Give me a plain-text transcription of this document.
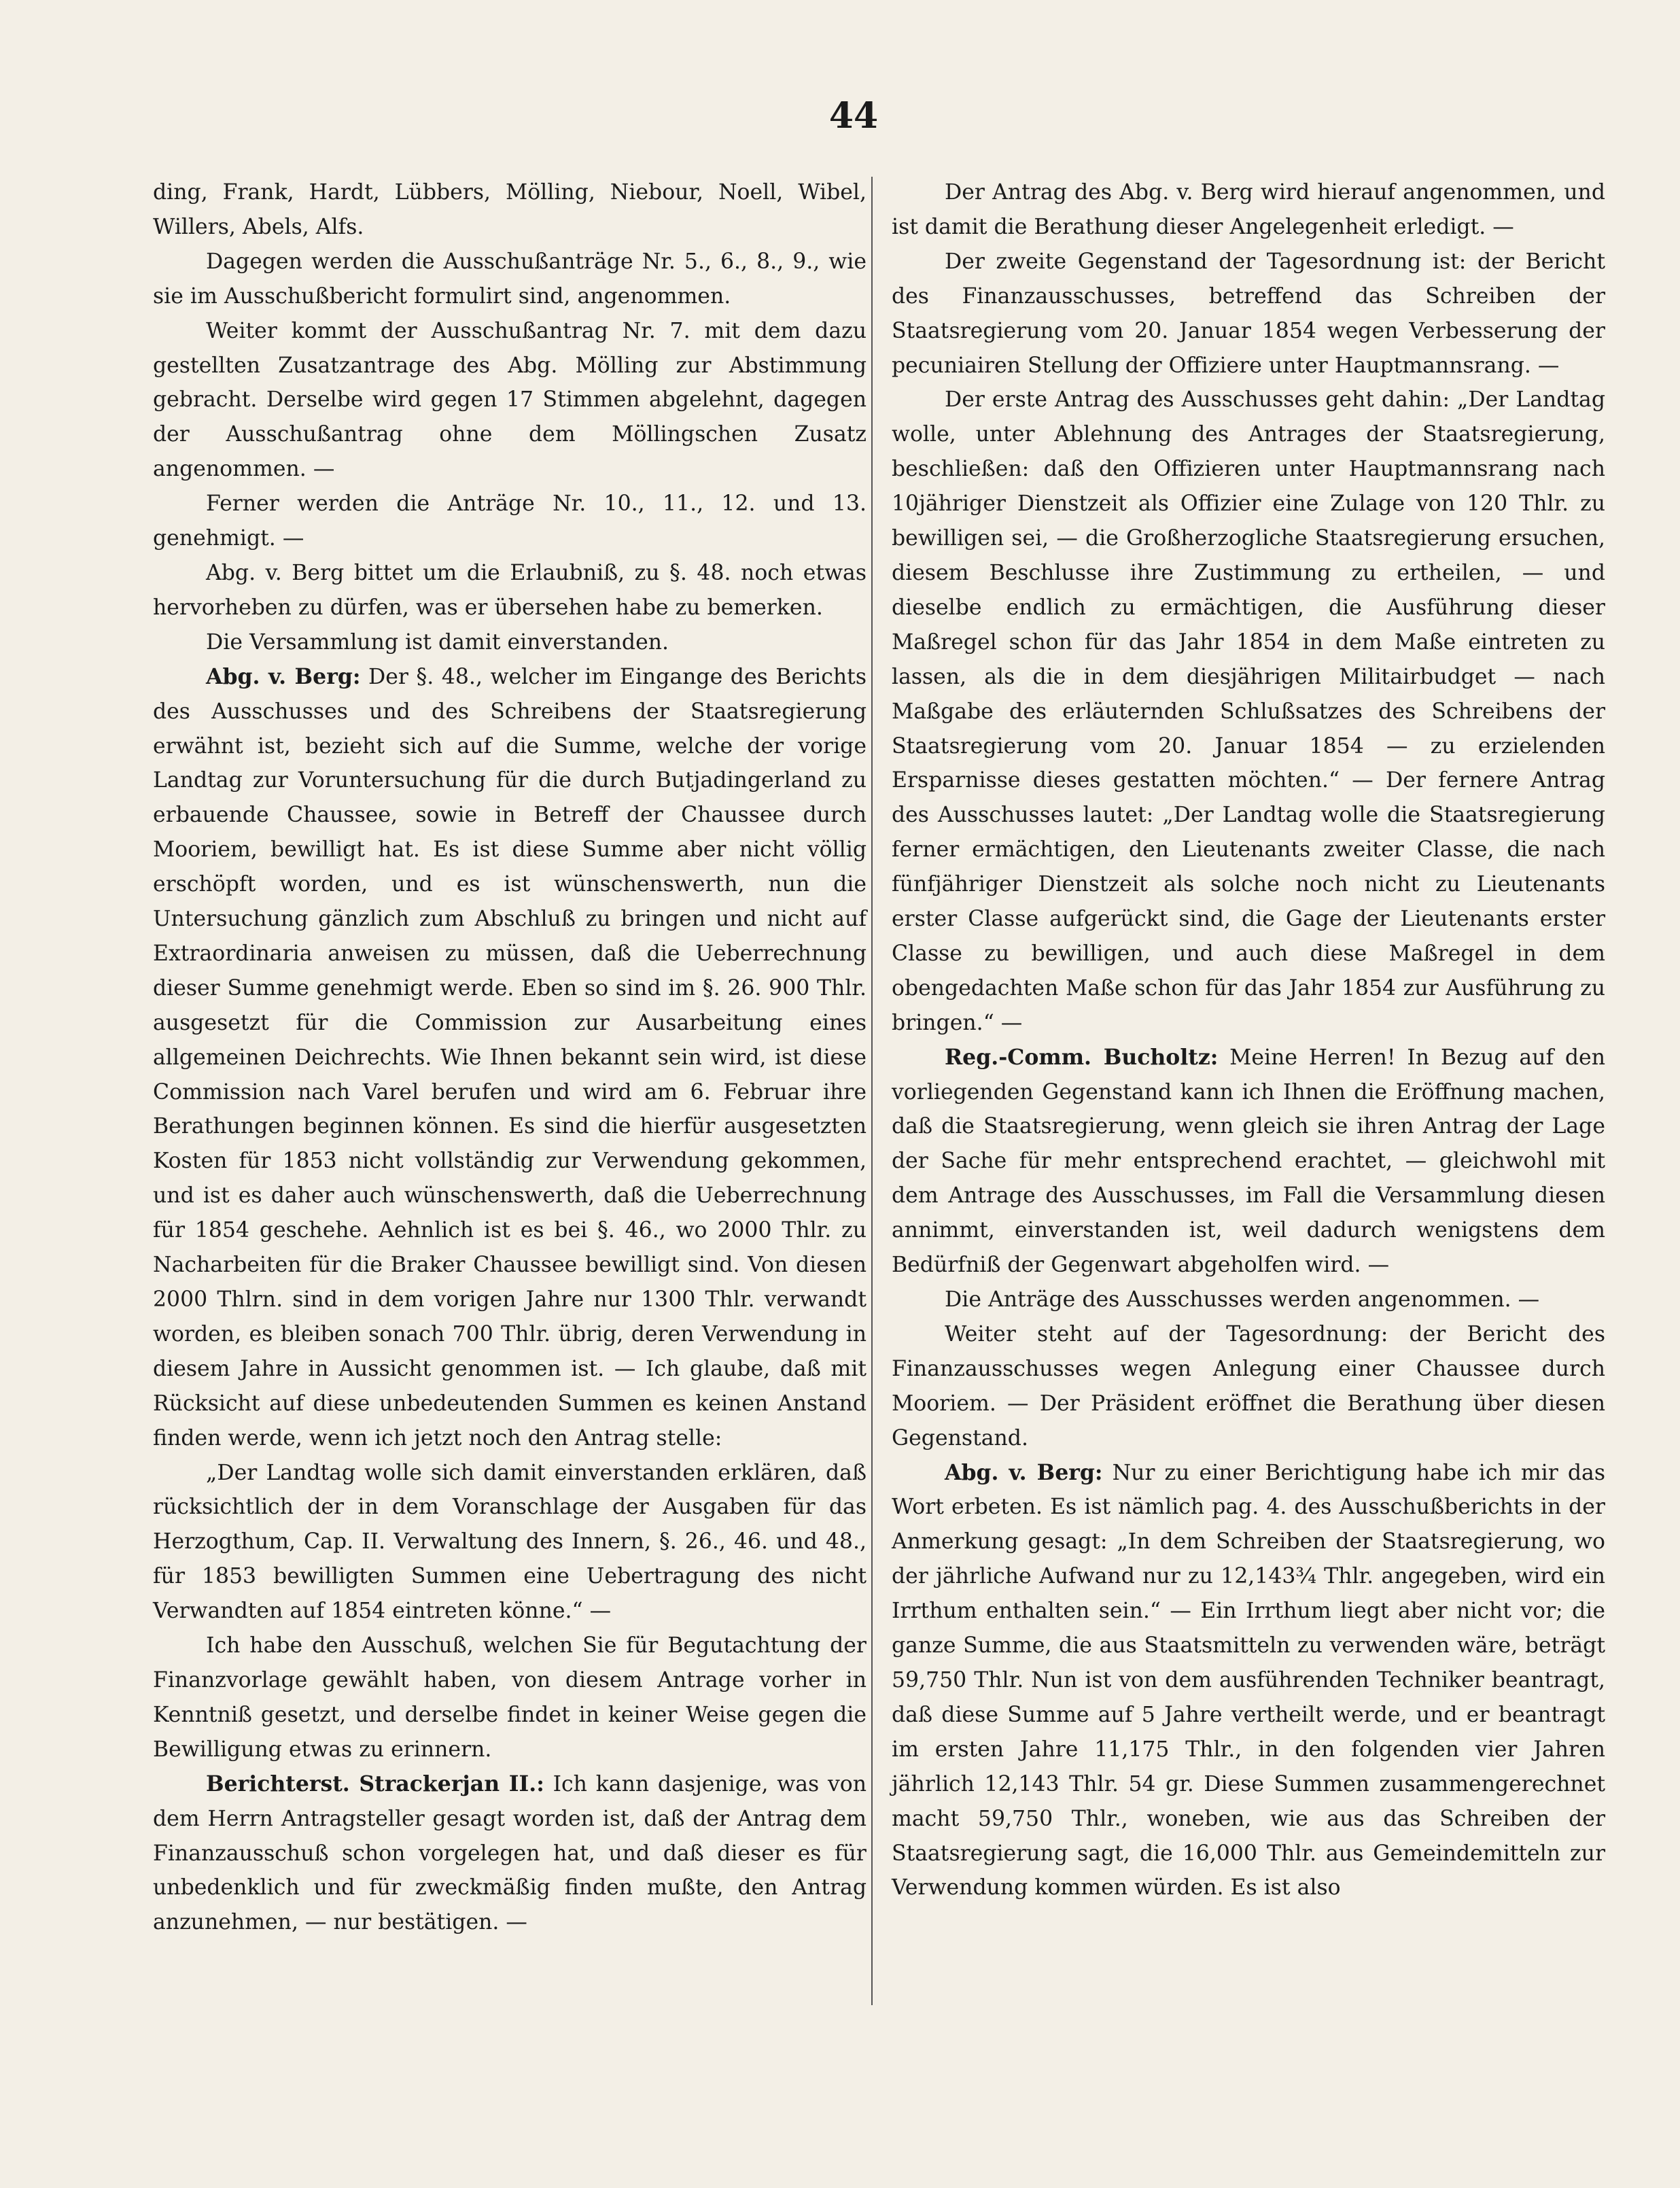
44

ding, Frank, Hardt, Lübbers, Mölling, Niebour, Noell, Wibel, Willers, Abels, Alfs.

Dagegen werden die Ausschußanträge Nr. 5., 6., 8., 9., wie sie im Ausschußbericht formulirt sind, angenommen.

Weiter kommt der Ausschußantrag Nr. 7. mit dem dazu gestellten Zusatzantrage des Abg. Mölling zur Abstimmung gebracht. Derselbe wird gegen 17 Stimmen abgelehnt, dagegen der Ausschußantrag ohne dem Möllingschen Zusatz angenommen. —

Ferner werden die Anträge Nr. 10., 11., 12. und 13. genehmigt. —

Abg. v. Berg bittet um die Erlaubniß, zu §. 48. noch etwas hervorheben zu dürfen, was er übersehen habe zu bemerken.

Die Versammlung ist damit einverstanden.

Abg. v. Berg: Der §. 48., welcher im Eingange des Berichts des Ausschusses und des Schreibens der Staatsregierung erwähnt ist, bezieht sich auf die Summe, welche der vorige Landtag zur Voruntersuchung für die durch Butjadingerland zu erbauende Chaussee, sowie in Betreff der Chaussee durch Mooriem, bewilligt hat. Es ist diese Summe aber nicht völlig erschöpft worden, und es ist wünschenswerth, nun die Untersuchung gänzlich zum Abschluß zu bringen und nicht auf Extraordinaria anweisen zu müssen, daß die Ueberrechnung dieser Summe genehmigt werde. Eben so sind im §. 26. 900 Thlr. ausgesetzt für die Commission zur Ausarbeitung eines allgemeinen Deichrechts. Wie Ihnen bekannt sein wird, ist diese Commission nach Varel berufen und wird am 6. Februar ihre Berathungen beginnen können. Es sind die hierfür ausgesetzten Kosten für 1853 nicht vollständig zur Verwendung gekommen, und ist es daher auch wünschenswerth, daß die Ueberrechnung für 1854 geschehe. Aehnlich ist es bei §. 46., wo 2000 Thlr. zu Nacharbeiten für die Braker Chaussee bewilligt sind. Von diesen 2000 Thlrn. sind in dem vorigen Jahre nur 1300 Thlr. verwandt worden, es bleiben sonach 700 Thlr. übrig, deren Verwendung in diesem Jahre in Aussicht genommen ist. — Ich glaube, daß mit Rücksicht auf diese unbedeutenden Summen es keinen Anstand finden werde, wenn ich jetzt noch den Antrag stelle:

„Der Landtag wolle sich damit einverstanden erklären, daß rücksichtlich der in dem Voranschlage der Ausgaben für das Herzogthum, Cap. II. Verwaltung des Innern, §. 26., 46. und 48., für 1853 bewilligten Summen eine Uebertragung des nicht Verwandten auf 1854 eintreten könne.“ —

Ich habe den Ausschuß, welchen Sie für Begutachtung der Finanzvorlage gewählt haben, von diesem Antrage vorher in Kenntniß gesetzt, und derselbe findet in keiner Weise gegen die Bewilligung etwas zu erinnern.

Berichterst. Strackerjan II.: Ich kann dasjenige, was von dem Herrn Antragsteller gesagt worden ist, daß der Antrag dem Finanzausschuß schon vorgelegen hat, und daß dieser es für unbedenklich und für zweckmäßig finden mußte, den Antrag anzunehmen, — nur bestätigen. —

Der Antrag des Abg. v. Berg wird hierauf angenommen, und ist damit die Berathung dieser Angelegenheit erledigt. —

Der zweite Gegenstand der Tagesordnung ist: der Bericht des Finanzausschusses, betreffend das Schreiben der Staatsregierung vom 20. Januar 1854 wegen Verbesserung der pecuniairen Stellung der Offiziere unter Hauptmannsrang. —

Der erste Antrag des Ausschusses geht dahin: „Der Landtag wolle, unter Ablehnung des Antrages der Staatsregierung, beschließen: daß den Offizieren unter Hauptmannsrang nach 10jähriger Dienstzeit als Offizier eine Zulage von 120 Thlr. zu bewilligen sei, — die Großherzogliche Staatsregierung ersuchen, diesem Beschlusse ihre Zustimmung zu ertheilen, — und dieselbe endlich zu ermächtigen, die Ausführung dieser Maßregel schon für das Jahr 1854 in dem Maße eintreten zu lassen, als die in dem diesjährigen Militairbudget — nach Maßgabe des erläuternden Schlußsatzes des Schreibens der Staatsregierung vom 20. Januar 1854 — zu erzielenden Ersparnisse dieses gestatten möchten.“ — Der fernere Antrag des Ausschusses lautet: „Der Landtag wolle die Staatsregierung ferner ermächtigen, den Lieutenants zweiter Classe, die nach fünfjähriger Dienstzeit als solche noch nicht zu Lieutenants erster Classe aufgerückt sind, die Gage der Lieutenants erster Classe zu bewilligen, und auch diese Maßregel in dem obengedachten Maße schon für das Jahr 1854 zur Ausführung zu bringen.“ —

Reg.-Comm. Bucholtz: Meine Herren! In Bezug auf den vorliegenden Gegenstand kann ich Ihnen die Eröffnung machen, daß die Staatsregierung, wenn gleich sie ihren Antrag der Lage der Sache für mehr entsprechend erachtet, — gleichwohl mit dem Antrage des Ausschusses, im Fall die Versammlung diesen annimmt, einverstanden ist, weil dadurch wenigstens dem Bedürfniß der Gegenwart abgeholfen wird. —

Die Anträge des Ausschusses werden angenommen. —

Weiter steht auf der Tagesordnung: der Bericht des Finanzausschusses wegen Anlegung einer Chaussee durch Mooriem. — Der Präsident eröffnet die Berathung über diesen Gegenstand.

Abg. v. Berg: Nur zu einer Berichtigung habe ich mir das Wort erbeten. Es ist nämlich pag. 4. des Ausschußberichts in der Anmerkung gesagt: „In dem Schreiben der Staatsregierung, wo der jährliche Aufwand nur zu 12,143¾ Thlr. angegeben, wird ein Irrthum enthalten sein.“ — Ein Irrthum liegt aber nicht vor; die ganze Summe, die aus Staatsmitteln zu verwenden wäre, beträgt 59,750 Thlr. Nun ist von dem ausführenden Techniker beantragt, daß diese Summe auf 5 Jahre vertheilt werde, und er beantragt im ersten Jahre 11,175 Thlr., in den folgenden vier Jahren jährlich 12,143 Thlr. 54 gr. Diese Summen zusammengerechnet macht 59,750 Thlr., woneben, wie aus das Schreiben der Staatsregierung sagt, die 16,000 Thlr. aus Gemeindemitteln zur Verwendung kommen würden. Es ist also
